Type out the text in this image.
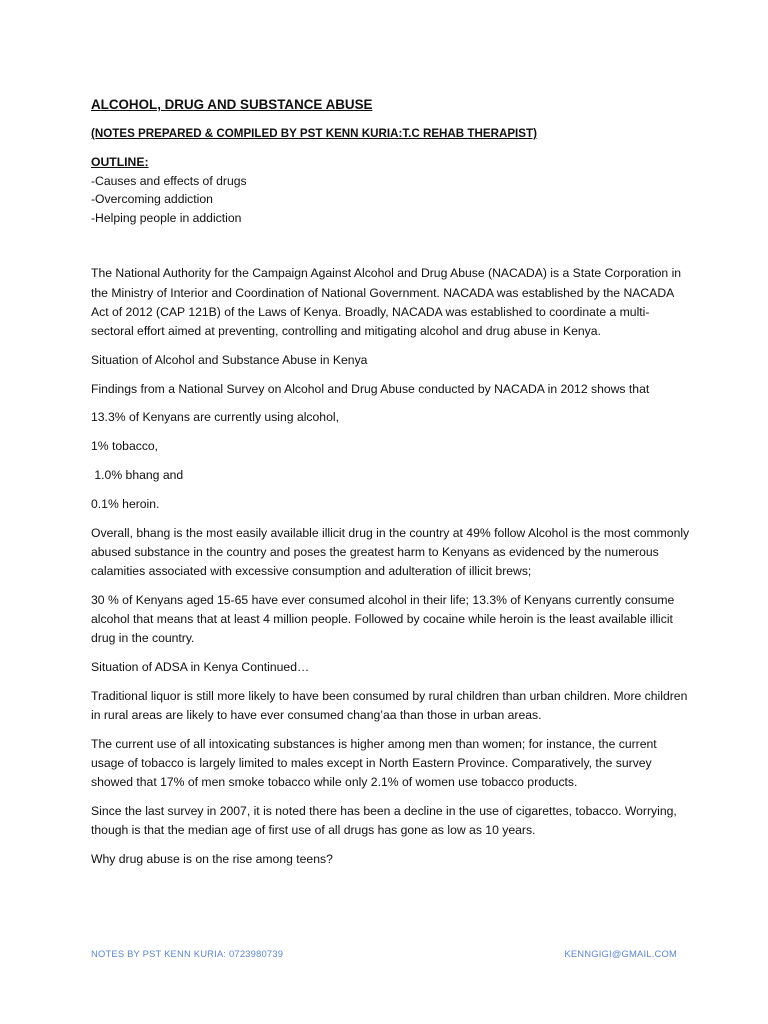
ALCOHOL, DRUG AND SUBSTANCE ABUSE
(NOTES PREPARED & COMPILED BY PST KENN KURIA:T.C REHAB THERAPIST)
OUTLINE:
-Causes and effects of drugs
-Overcoming addiction
-Helping people in addiction

The National Authority for the Campaign Against Alcohol and Drug Abuse (NACADA) is a State Corporation in the Ministry of Interior and Coordination of National Government. NACADA was established by the NACADA Act of 2012 (CAP 121B) of the Laws of Kenya. Broadly, NACADA was established to coordinate a multi-sectoral effort aimed at preventing, controlling and mitigating alcohol and drug abuse in Kenya.

Situation of Alcohol and Substance Abuse in Kenya

Findings from a National Survey on Alcohol and Drug Abuse conducted by NACADA in 2012 shows that

13.3% of Kenyans are currently using alcohol,

1% tobacco,

1.0% bhang and

0.1% heroin.

Overall, bhang is the most easily available illicit drug in the country at 49% follow Alcohol is the most commonly abused substance in the country and poses the greatest harm to Kenyans as evidenced by the numerous calamities associated with excessive consumption and adulteration of illicit brews;

30 % of Kenyans aged 15-65 have ever consumed alcohol in their life; 13.3% of Kenyans currently consume alcohol that means that at least 4 million people. Followed by cocaine while heroin is the least available illicit drug in the country.

Situation of ADSA in Kenya Continued…

Traditional liquor is still more likely to have been consumed by rural children than urban children. More children in rural areas are likely to have ever consumed chang’aa than those in urban areas.

The current use of all intoxicating substances is higher among men than women; for instance, the current usage of tobacco is largely limited to males except in North Eastern Province. Comparatively, the survey showed that 17% of men smoke tobacco while only 2.1% of women use tobacco products.

Since the last survey in 2007, it is noted there has been a decline in the use of cigarettes, tobacco. Worrying, though is that the median age of first use of all drugs has gone as low as 10 years.

Why drug abuse is on the rise among teens?

NOTES BY PST KENN KURIA: 0723980739	KENNGIGI@GMAIL.COM
